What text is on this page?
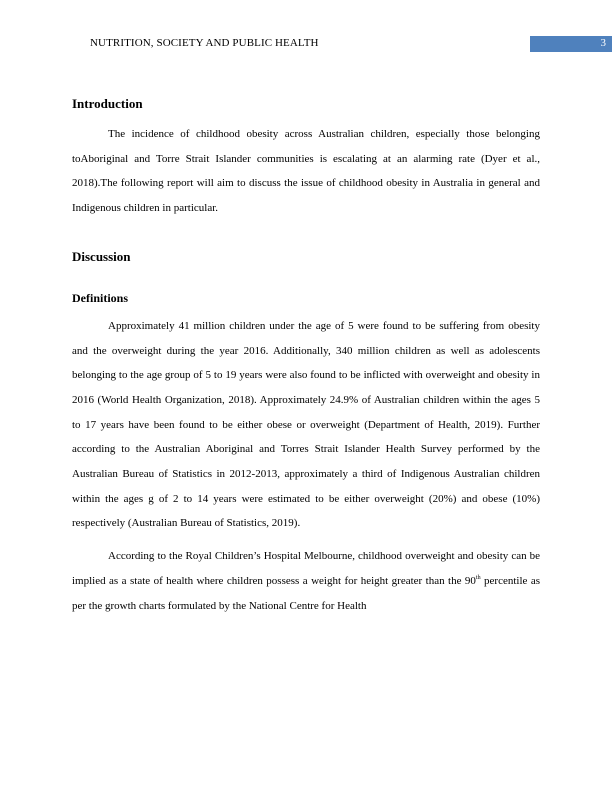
NUTRITION, SOCIETY AND PUBLIC HEALTH	3
Introduction

The incidence of childhood obesity across Australian children, especially those belonging toAboriginal and Torre Strait Islander communities is escalating at an alarming rate (Dyer et al., 2018).The following report will aim to discuss the issue of childhood obesity in Australia in general and Indigenous children in particular.

Discussion
Definitions

Approximately 41 million children under the age of 5 were found to be suffering from obesity and the overweight during the year 2016. Additionally, 340 million children as well as adolescents belonging to the age group of 5 to 19 years were also found to be inflicted with overweight and obesity in 2016 (World Health Organization, 2018). Approximately 24.9% of Australian children within the ages 5 to 17 years have been found to be either obese or overweight (Department of Health, 2019). Further according to the Australian Aboriginal and Torres Strait Islander Health Survey performed by the Australian Bureau of Statistics in 2012-2013, approximately a third of Indigenous Australian children within the ages g of 2 to 14 years were estimated to be either overweight (20%) and obese (10%) respectively (Australian Bureau of Statistics, 2019).

According to the Royal Children’s Hospital Melbourne, childhood overweight and obesity can be implied as a state of health where children possess a weight for height greater than the 90th percentile as per the growth charts formulated by the National Centre for Health
